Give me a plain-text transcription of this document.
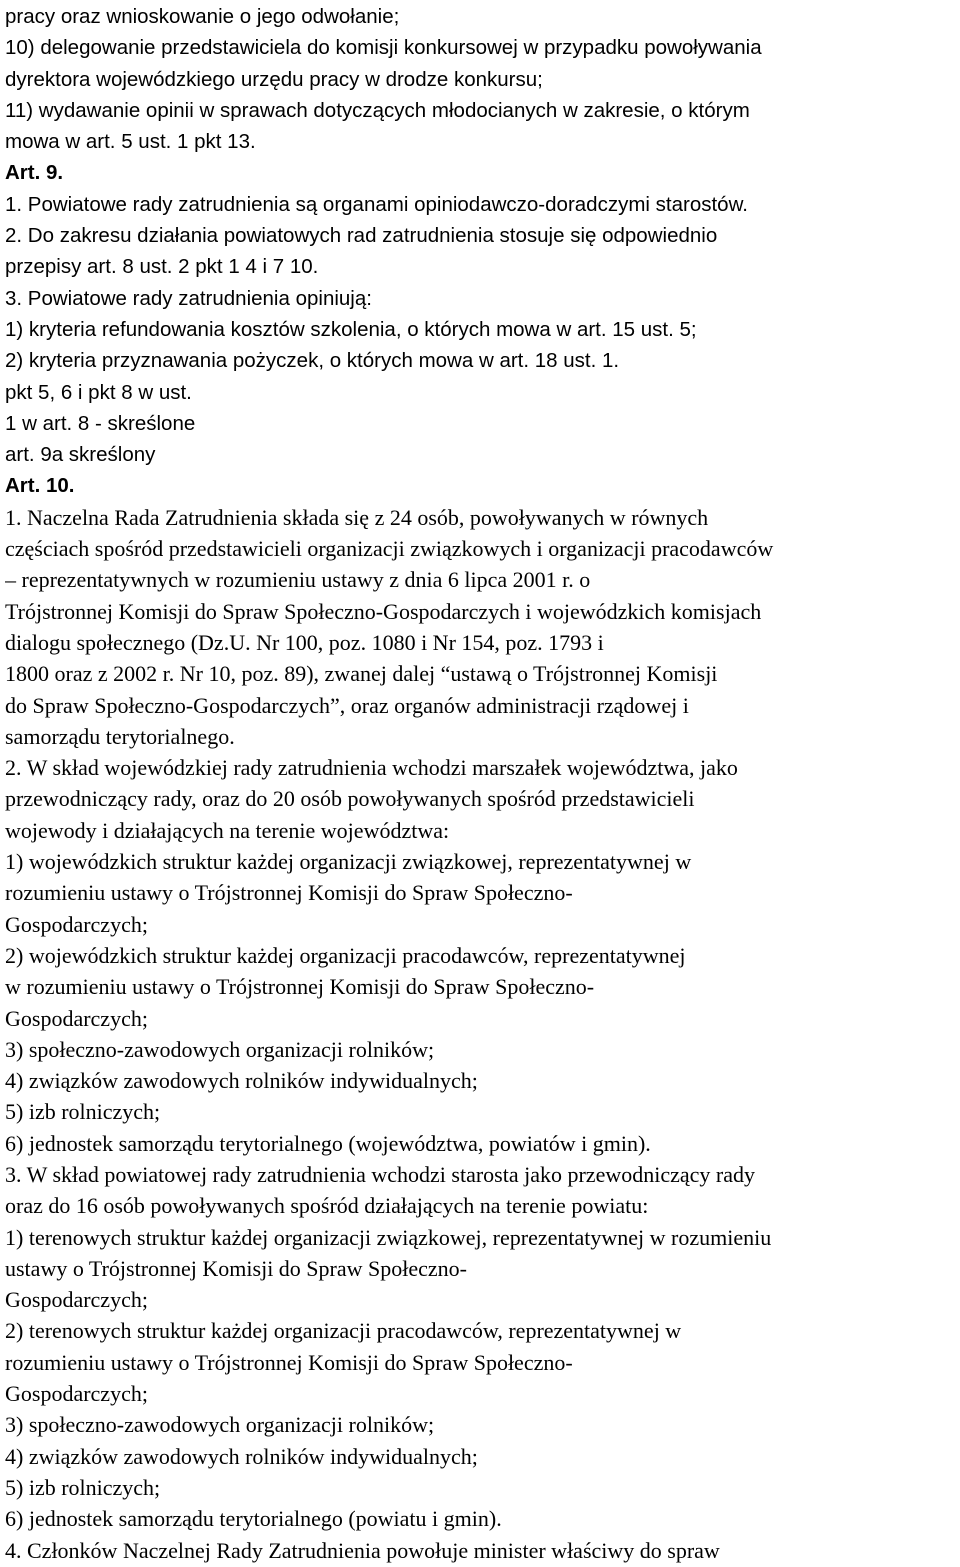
pracy oraz wnioskowanie o jego odwołanie;
10) delegowanie przedstawiciela do komisji konkursowej w przypadku powoływania
dyrektora wojewódzkiego urzędu pracy w drodze konkursu;
11) wydawanie opinii w sprawach dotyczących młodocianych w zakresie, o którym
mowa w art. 5 ust. 1 pkt 13.
Art. 9.
1. Powiatowe rady zatrudnienia są organami opiniodawczo-doradczymi starostów.
2. Do zakresu działania powiatowych rad zatrudnienia stosuje się odpowiednio
przepisy art. 8 ust. 2 pkt 1 4 i 7 10.
3. Powiatowe rady zatrudnienia opiniują:
1) kryteria refundowania kosztów szkolenia, o których mowa w art. 15 ust. 5;
2) kryteria przyznawania pożyczek, o których mowa w art. 18 ust. 1.
pkt 5, 6 i pkt 8 w ust.
1 w art. 8 - skreślone
art. 9a skreślony
Art. 10.
1. Naczelna Rada Zatrudnienia składa się z 24 osób, powoływanych w równych
częściach spośród przedstawicieli organizacji związkowych i organizacji pracodawców
– reprezentatywnych w rozumieniu ustawy z dnia 6 lipca 2001 r. o
Trójstronnej Komisji do Spraw Społeczno-Gospodarczych i wojewódzkich komisjach
dialogu społecznego (Dz.U. Nr 100, poz. 1080 i Nr 154, poz. 1793 i
1800 oraz z 2002 r. Nr 10, poz. 89), zwanej dalej “ustawą o Trójstronnej Komisji
do Spraw Społeczno-Gospodarczych”, oraz organów administracji rządowej i
samorządu terytorialnego.
2. W skład wojewódzkiej rady zatrudnienia wchodzi marszałek województwa, jako
przewodniczący rady, oraz do 20 osób powoływanych spośród przedstawicieli
wojewody i działających na terenie województwa:
1) wojewódzkich struktur każdej organizacji związkowej, reprezentatywnej w
rozumieniu ustawy o Trójstronnej Komisji do Spraw Społeczno-
Gospodarczych;
2) wojewódzkich struktur każdej organizacji pracodawców, reprezentatywnej
w rozumieniu ustawy o Trójstronnej Komisji do Spraw Społeczno-
Gospodarczych;
3) społeczno-zawodowych organizacji rolników;
4) związków zawodowych rolników indywidualnych;
5) izb rolniczych;
6) jednostek samorządu terytorialnego (województwa, powiatów i gmin).
3. W skład powiatowej rady zatrudnienia wchodzi starosta jako przewodniczący rady
oraz do 16 osób powoływanych spośród działających na terenie powiatu:
1) terenowych struktur każdej organizacji związkowej, reprezentatywnej w rozumieniu
ustawy o Trójstronnej Komisji do Spraw Społeczno-
Gospodarczych;
2) terenowych struktur każdej organizacji pracodawców, reprezentatywnej w
rozumieniu ustawy o Trójstronnej Komisji do Spraw Społeczno-
Gospodarczych;
3) społeczno-zawodowych organizacji rolników;
4) związków zawodowych rolników indywidualnych;
5) izb rolniczych;
6) jednostek samorządu terytorialnego (powiatu i gmin).
4. Członków Naczelnej Rady Zatrudnienia powołuje minister właściwy do spraw
